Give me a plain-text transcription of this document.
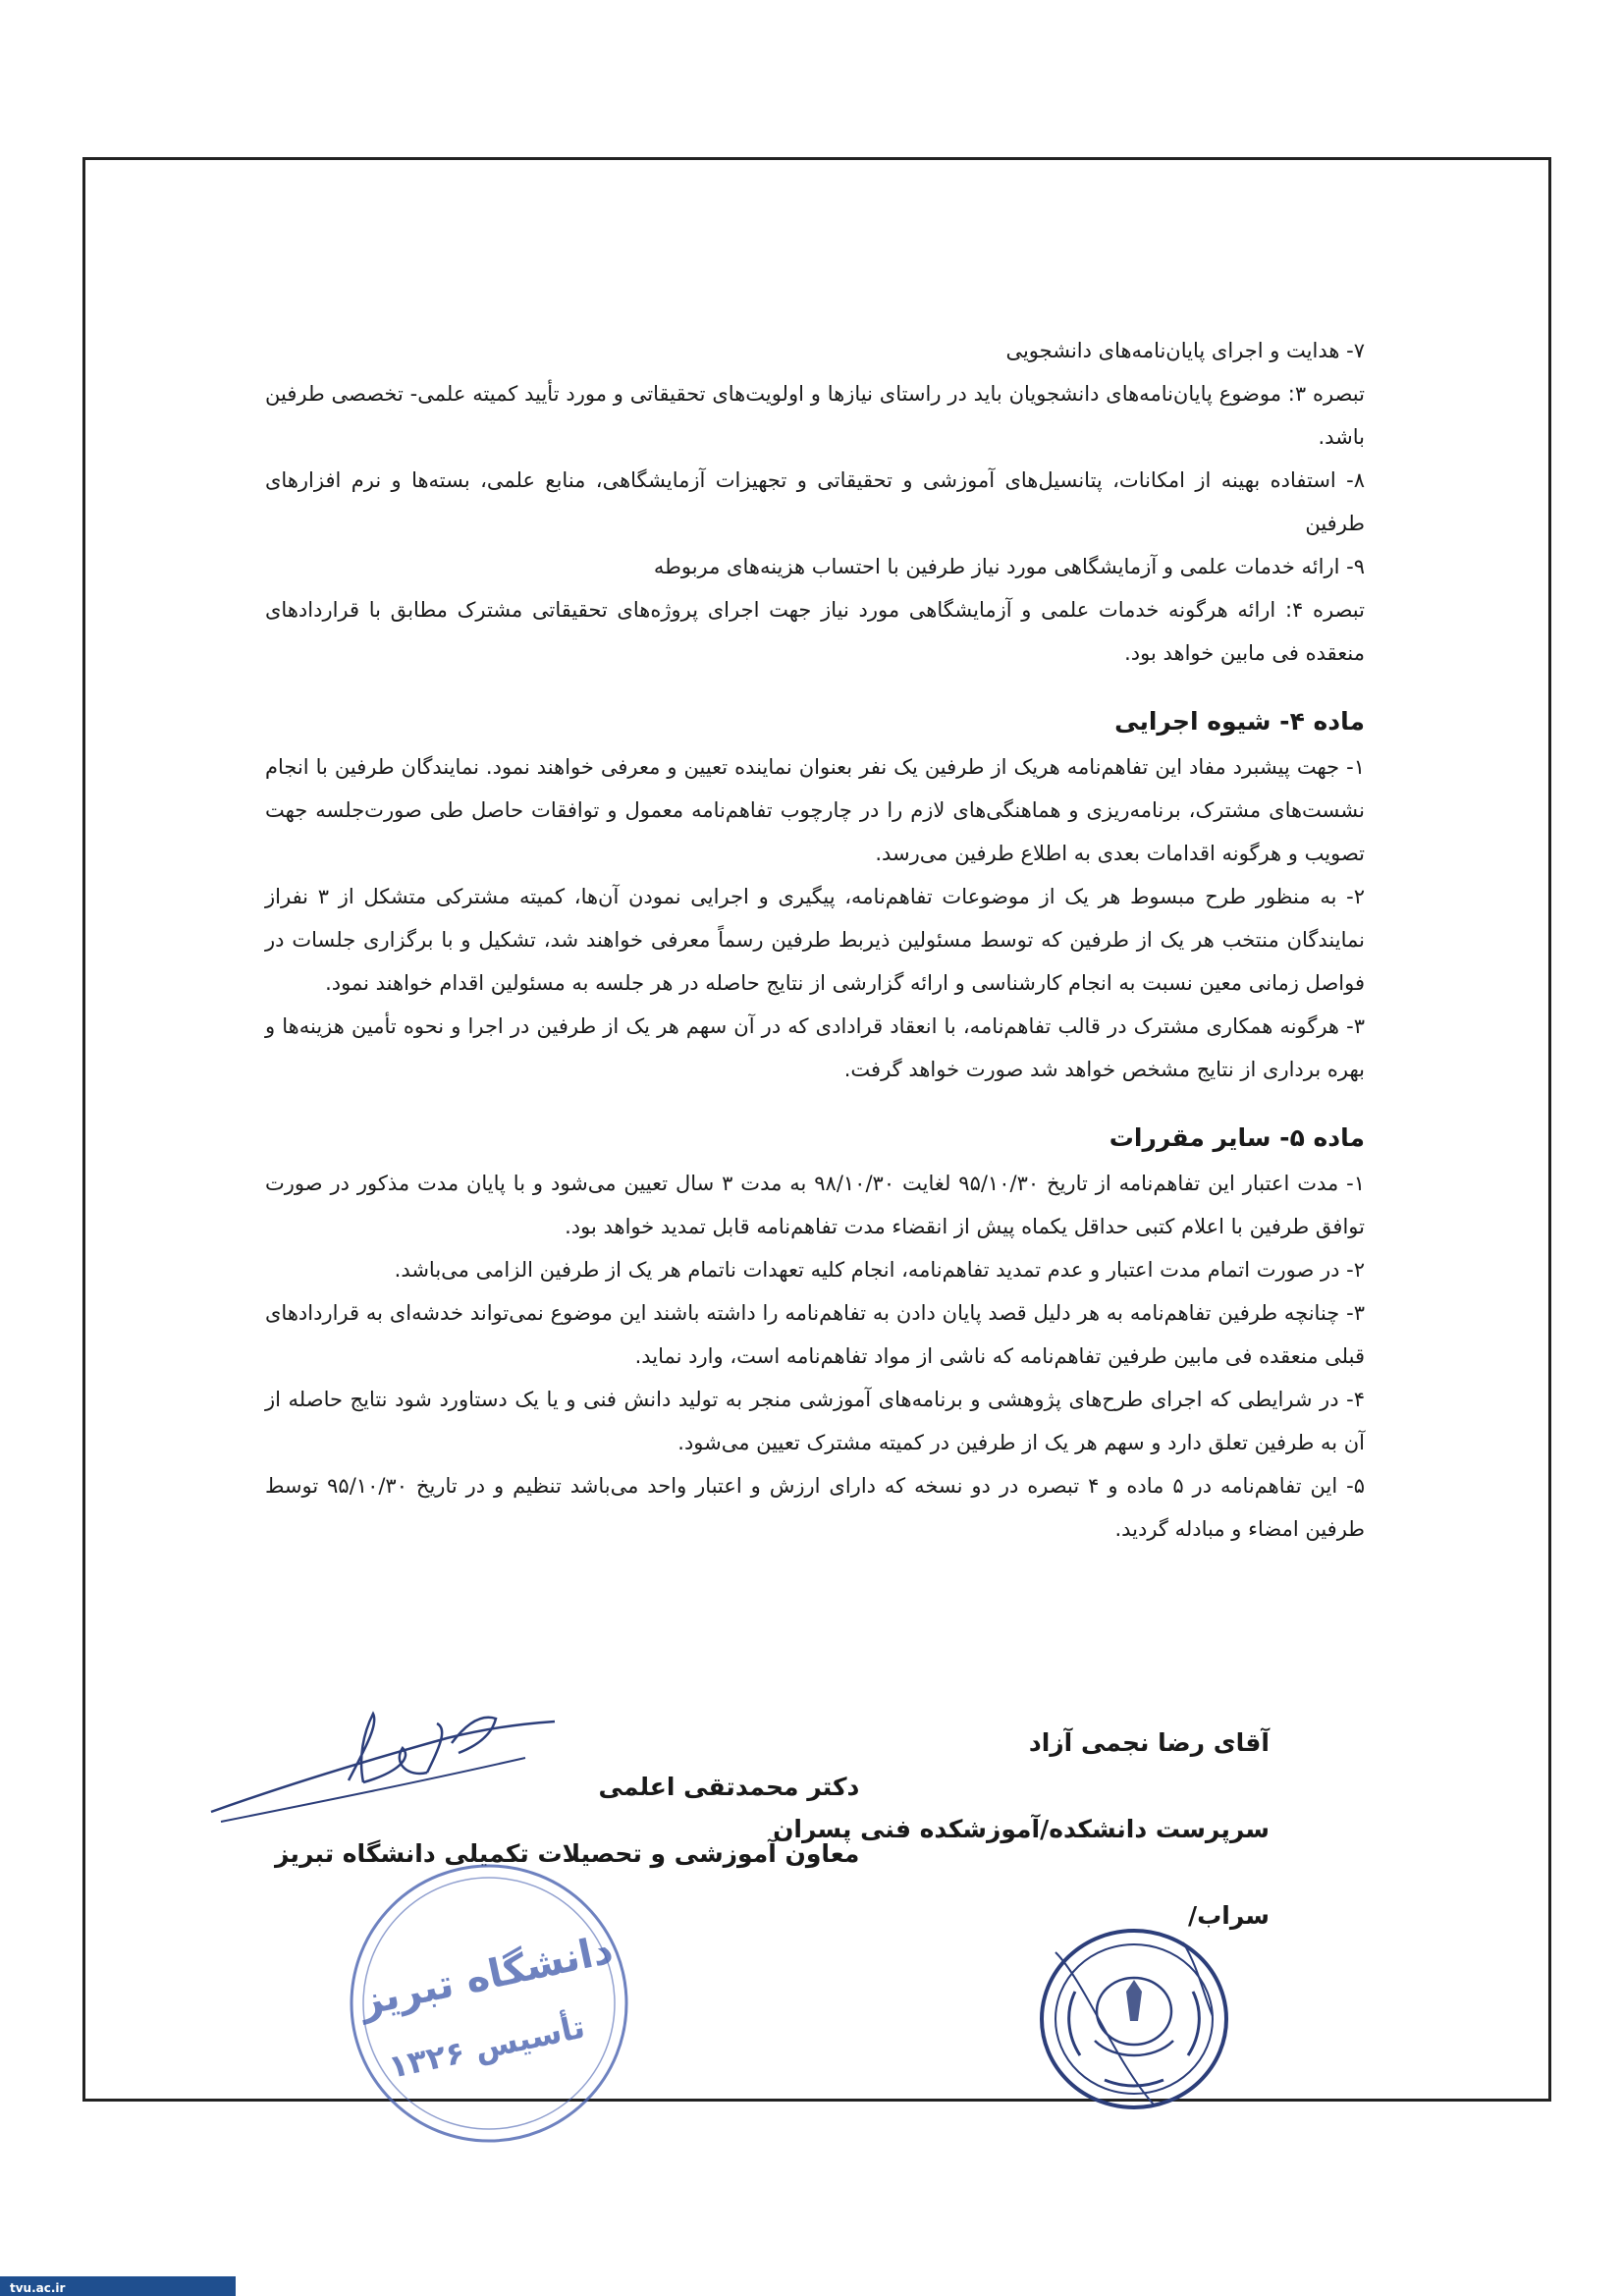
۷- هدایت و اجرای پایان‌نامه‌های دانشجویی

تبصره ۳: موضوع پایان‌نامه‌های دانشجویان باید در راستای نیازها و اولویت‌های تحقیقاتی و مورد تأیید کمیته علمی- تخصصی طرفین باشد.

۸- استفاده بهینه از امکانات، پتانسیل‌های آموزشی و تحقیقاتی و تجهیزات آزمایشگاهی، منابع علمی، بسته‌ها و نرم افزارهای طرفین

۹- ارائه خدمات علمی و آزمایشگاهی مورد نیاز طرفین با احتساب هزینه‌های مربوطه

تبصره ۴: ارائه هرگونه خدمات علمی و آزمایشگاهی مورد نیاز جهت اجرای پروژه‌های تحقیقاتی مشترک مطابق با قراردادهای منعقده فی مابین خواهد بود.

ماده ۴- شیوه اجرایی

۱- جهت پیشبرد مفاد این تفاهم‌نامه هریک از طرفین یک نفر بعنوان نماینده تعیین و معرفی خواهند نمود. نمایندگان طرفین با انجام نشست‌های مشترک، برنامه‌ریزی و هماهنگی‌های لازم را در چارچوب تفاهم‌نامه معمول و توافقات حاصل طی صورت‌جلسه جهت تصویب و هرگونه اقدامات بعدی به اطلاع طرفین می‌رسد.

۲- به منظور طرح مبسوط هر یک از موضوعات تفاهم‌نامه، پیگیری و اجرایی نمودن آن‌ها، کمیته مشترکی متشکل از ۳ نفراز نمایندگان منتخب هر یک از طرفین که توسط مسئولین ذیربط طرفین رسماً معرفی خواهند شد، تشکیل و با برگزاری جلسات در فواصل زمانی معین نسبت به انجام کارشناسی و ارائه گزارشی از نتایج حاصله در هر جلسه به مسئولین اقدام خواهند نمود.

۳- هرگونه همکاری مشترک در قالب تفاهم‌نامه، با انعقاد قرادادی که در آن سهم هر یک از طرفین در اجرا و نحوه تأمین هزینه‌ها و بهره برداری از نتایج مشخص خواهد شد صورت خواهد گرفت.

ماده ۵- سایر مقررات

۱- مدت اعتبار این تفاهم‌نامه از تاریخ ۹۵/۱۰/۳۰ لغایت ۹۸/۱۰/۳۰ به مدت ۳ سال تعیین می‌شود و با پایان مدت مذکور در صورت توافق طرفین با اعلام کتبی حداقل یکماه پیش از انقضاء مدت تفاهم‌نامه قابل تمدید خواهد بود.

۲- در صورت اتمام مدت اعتبار و عدم تمدید تفاهم‌نامه، انجام کلیه تعهدات ناتمام هر یک از طرفین الزامی می‌باشد.

۳- چنانچه طرفین تفاهم‌نامه به هر دلیل قصد پایان دادن به تفاهم‌نامه را داشته باشند این موضوع نمی‌تواند خدشه‌ای به قراردادهای قبلی منعقده فی مابین طرفین تفاهم‌نامه که ناشی از مواد تفاهم‌نامه است، وارد نماید.

۴- در شرایطی که اجرای طرح‌های پژوهشی و برنامه‌های آموزشی منجر به تولید دانش فنی و یا یک دستاورد شود نتایج حاصله از آن به طرفین تعلق دارد و سهم هر یک از طرفین در کمیته مشترک تعیین می‌شود.

۵- این تفاهم‌نامه در ۵ ماده و ۴ تبصره در دو نسخه که دارای ارزش و اعتبار واحد می‌باشد تنظیم و در تاریخ ۹۵/۱۰/۳۰ توسط طرفین امضاء و مبادله گردید.

آقای رضا نجمی آزاد
سرپرست دانشکده/آموزشکده فنی پسران
سراب/
دکتر محمدتقی اعلمی
معاون آموزشی و تحصیلات تکمیلی دانشگاه تبریز
دانشگاه تبریز
تأسیس ۱۳۲۶
tvu.ac.ir
